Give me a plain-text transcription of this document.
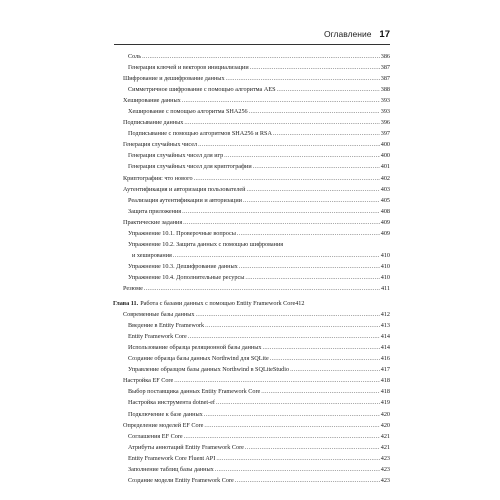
Оглавление 17
Соль .....	386
Генерация ключей и векторов инициализации .....	387
Шифрование и дешифрование данных .....	387
Симметричное шифрование с помощью алгоритма AES .....	388
Хеширование данных .....	393
Хеширование с помощью алгоритма SHA256 .....	393
Подписывание данных .....	396
Подписывание с помощью алгоритмов SHA256 и RSA .....	397
Генерация случайных чисел .....	400
Генерация случайных чисел для игр .....	400
Генерация случайных чисел для криптографии .....	401
Криптография: что нового .....	402
Аутентификация и авторизация пользователей .....	403
Реализация аутентификации и авторизации .....	405
Защита приложения .....	408
Практические задания .....	409
Упражнение 10.1. Проверочные вопросы .....	409
Упражнение 10.2. Защита данных с помощью шифрования
и хеширования .....	410
Упражнение 10.3. Дешифрование данных .....	410
Упражнение 10.4. Дополнительные ресурсы .....	410
Резюме .....	411
Глава 11. Работа с базами данных с помощью Entity Framework Core 412
Современные базы данных .....	412
Введение в Entity Framework .....	413
Entity Framework Core .....	414
Использование образца реляционной базы данных .....	414
Создание образца базы данных Northwind для SQLite .....	416
Управление образцом базы данных Northwind в SQLiteStudio .....	417
Настройка EF Core .....	418
Выбор поставщика данных Entity Framework Core .....	418
Настройка инструмента dotnet-ef .....	419
Подключение к базе данных .....	420
Определение моделей EF Core .....	420
Соглашения EF Core .....	421
Атрибуты аннотаций Entity Framework Core .....	421
Entity Framework Core Fluent API .....	423
Заполнение таблиц базы данных .....	423
Создание модели Entity Framework Core .....	423
